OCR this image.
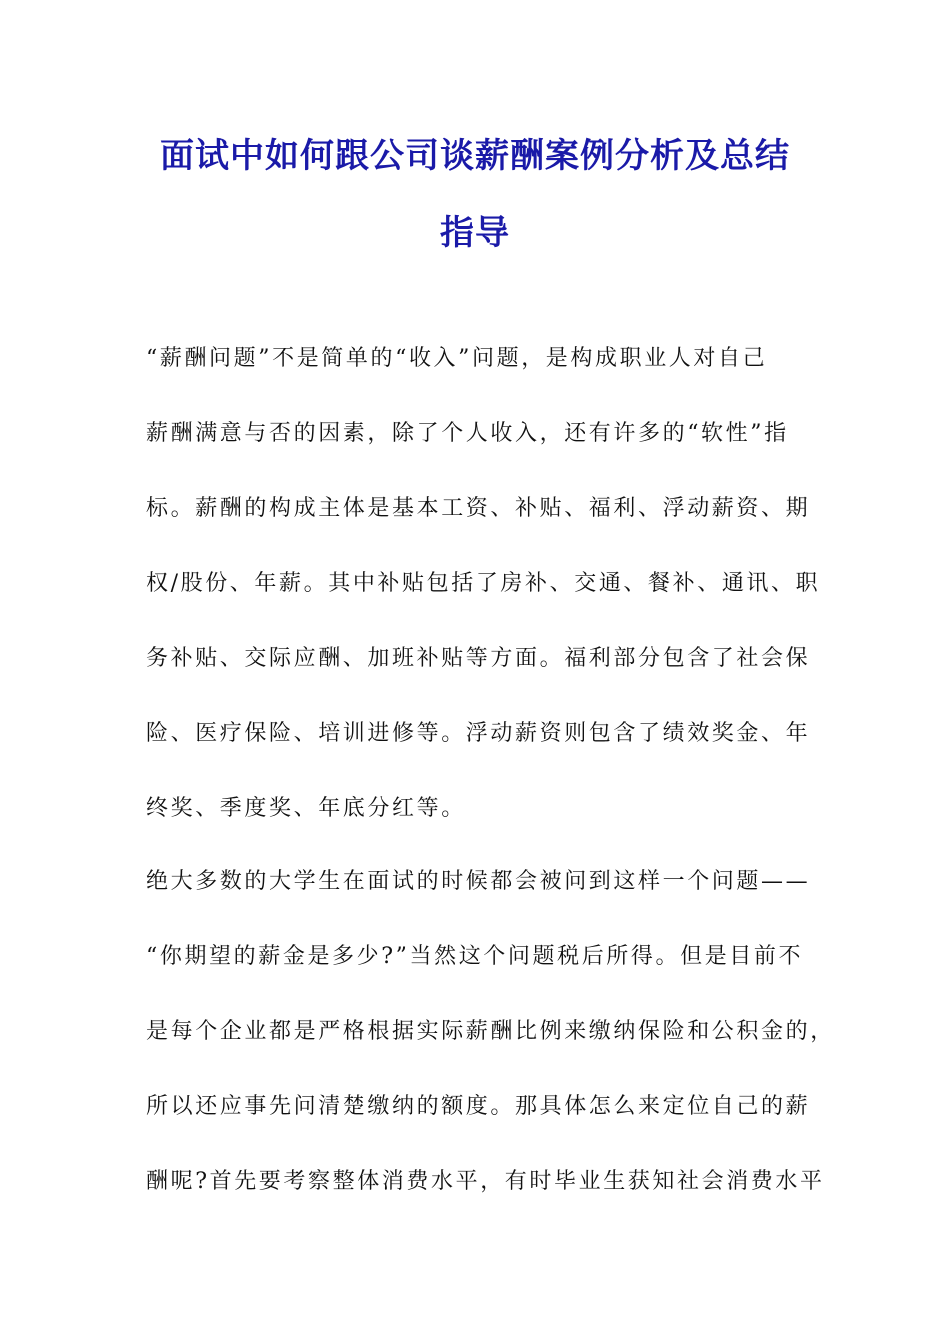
面试中如何跟公司谈薪酬案例分析及总结
指导
“薪酬问题”不是简单的“收入”问题，是构成职业人对自己
薪酬满意与否的因素，除了个人收入，还有许多的“软性”指
标。薪酬的构成主体是基本工资、补贴、福利、浮动薪资、期
权/股份、年薪。其中补贴包括了房补、交通、餐补、通讯、职
务补贴、交际应酬、加班补贴等方面。福利部分包含了社会保
险、医疗保险、培训进修等。浮动薪资则包含了绩效奖金、年
终奖、季度奖、年底分红等。
绝大多数的大学生在面试的时候都会被问到这样一个问题——
“你期望的薪金是多少?”当然这个问题税后所得。但是目前不
是每个企业都是严格根据实际薪酬比例来缴纳保险和公积金的，
所以还应事先问清楚缴纳的额度。那具体怎么来定位自己的薪
酬呢?首先要考察整体消费水平，有时毕业生获知社会消费水平
